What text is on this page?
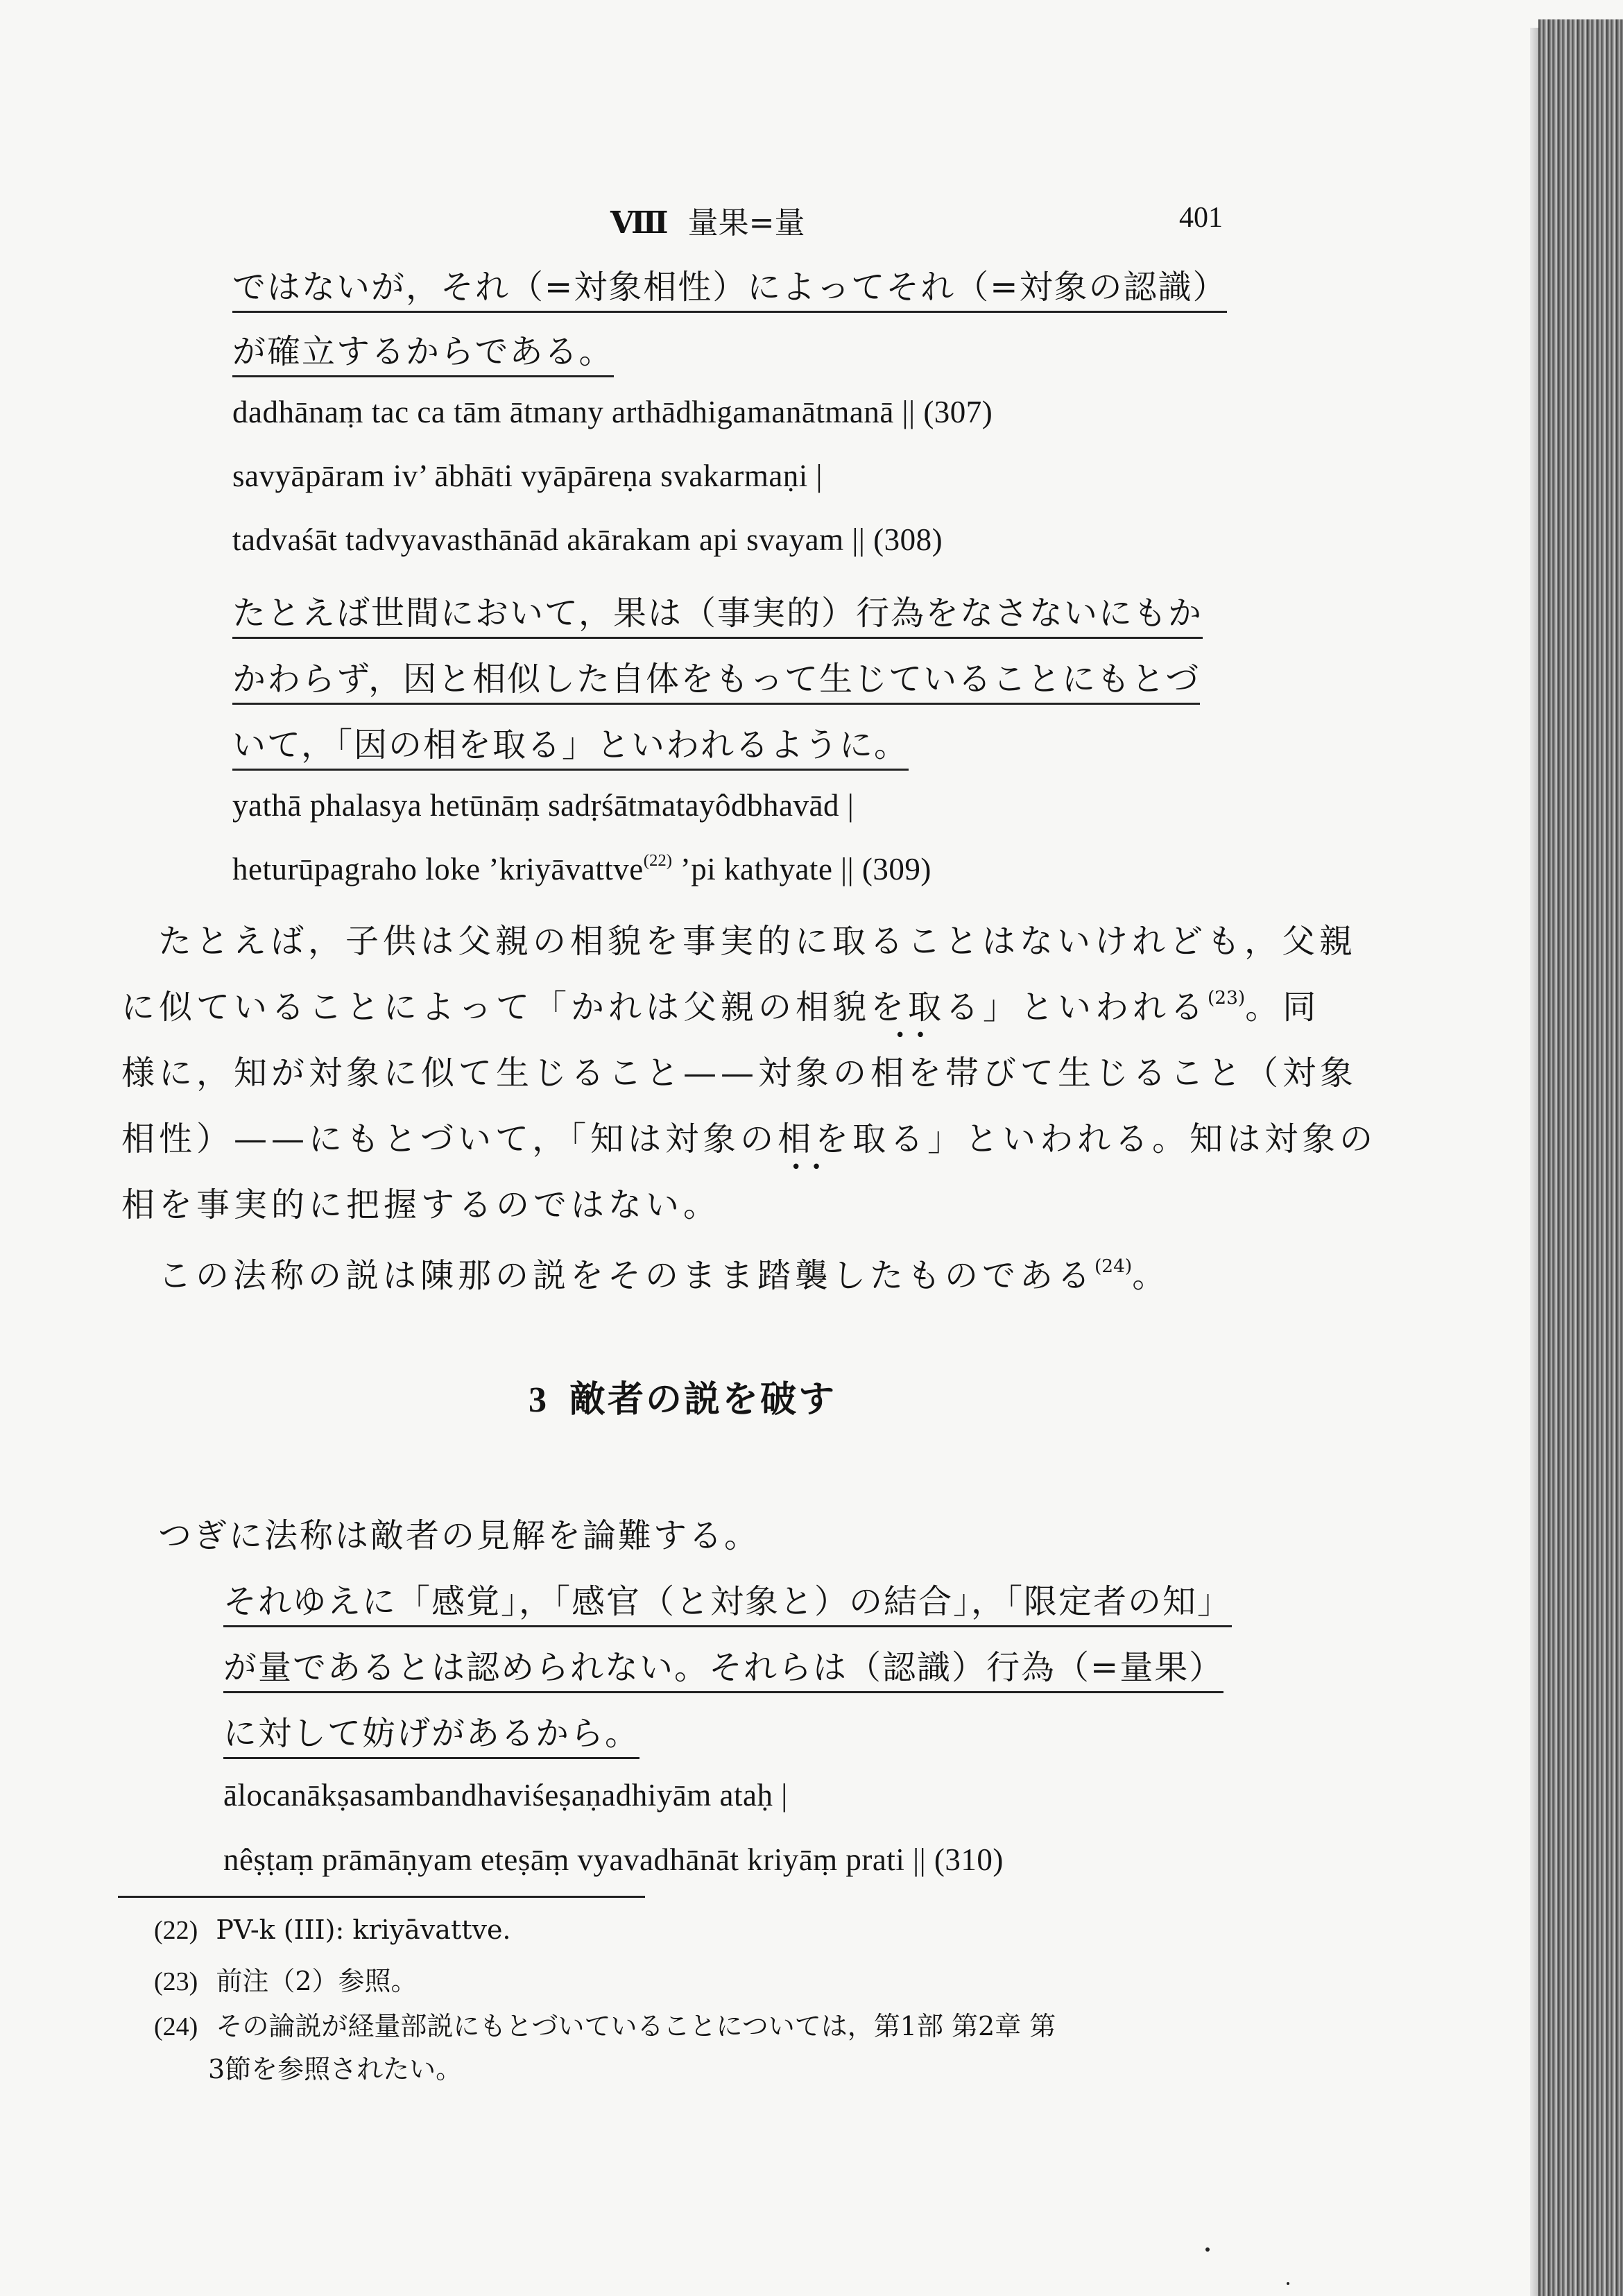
Ⅷ 量果=量	401
ではないが，それ（=対象相性）によってそれ（=対象の認識）
が確立するからである。
dadhānaṃ tac ca tām ātmany arthādhigamanātmanā || (307)
savyāpāram iv’ ābhāti vyāpāreṇa svakarmaṇi |
tadvaśāt tadvyavasthānād akārakam api svayam || (308)
たとえば世間において，果は（事実的）行為をなさないにもか
かわらず，因と相似した自体をもって生じていることにもとづ
いて，「因の相を取る」といわれるように。
yathā phalasya hetūnāṃ sadṛśātmatayôdbhavād |
heturūpagraho loke ’kriyāvattve$^{(22)}$ ’pi kathyate || (309)
たとえば，子供は父親の相貌を事実的に取ることはないけれども，父親
に似ていることによって「かれは父親の相貌を取る」といわれる$^{(23)}$。同
••
様に，知が対象に似て生じること——対象の相を帯びて生じること（対象
相性）——にもとづいて，「知は対象の相を取る」といわれる。知は対象の
••
相を事実的に把握するのではない。
この法称の説は陳那の説をそのまま踏襲したものである$^{(24)}$。
3 敵者の説を破す
つぎに法称は敵者の見解を論難する。
それゆえに「感覚」，「感官（と対象と）の結合」，「限定者の知」
が量であるとは認められない。それらは（認識）行為（=量果）
に対して妨げがあるから。
ālocanākṣasambandhaviśeṣaṇadhiyām ataḥ |
nêṣṭaṃ prāmāṇyam eteṣāṃ vyavadhānāt kriyāṃ prati || (310)
(22) PV-k (III): kriyāvattve.
(23) 前注（2）参照。
(24) その論説が経量部説にもとづいていることについては，第1部 第2章 第
3節を参照されたい。
